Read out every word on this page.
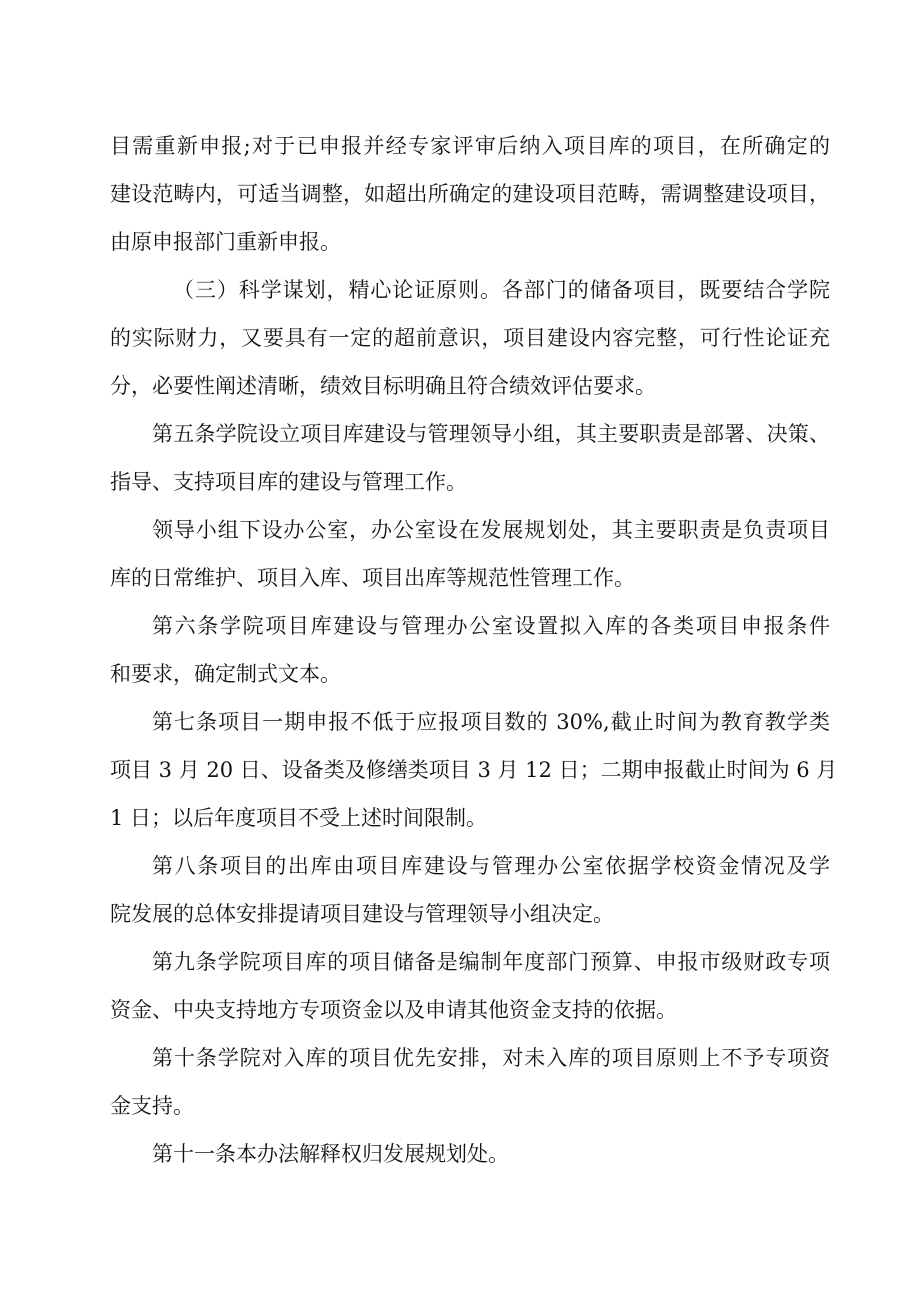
目需重新申报;对于已申报并经专家评审后纳入项目库的项目，在所确定的
建设范畴内，可适当调整，如超出所确定的建设项目范畴，需调整建设项目，
由原申报部门重新申报。
（三）科学谋划，精心论证原则。各部门的储备项目，既要结合学院
的实际财力，又要具有一定的超前意识，项目建设内容完整，可行性论证充
分，必要性阐述清晰，绩效目标明确且符合绩效评估要求。
第五条学院设立项目库建设与管理领导小组，其主要职责是部署、决策、
指导、支持项目库的建设与管理工作。
领导小组下设办公室，办公室设在发展规划处，其主要职责是负责项目
库的日常维护、项目入库、项目出库等规范性管理工作。
第六条学院项目库建设与管理办公室设置拟入库的各类项目申报条件
和要求，确定制式文本。
第七条项目一期申报不低于应报项目数的 30%,截止时间为教育教学类
项目 3 月 20 日、设备类及修缮类项目 3 月 12 日；二期申报截止时间为 6 月
1 日；以后年度项目不受上述时间限制。
第八条项目的出库由项目库建设与管理办公室依据学校资金情况及学
院发展的总体安排提请项目建设与管理领导小组决定。
第九条学院项目库的项目储备是编制年度部门预算、申报市级财政专项
资金、中央支持地方专项资金以及申请其他资金支持的依据。
第十条学院对入库的项目优先安排，对未入库的项目原则上不予专项资
金支持。
第十一条本办法解释权归发展规划处。
